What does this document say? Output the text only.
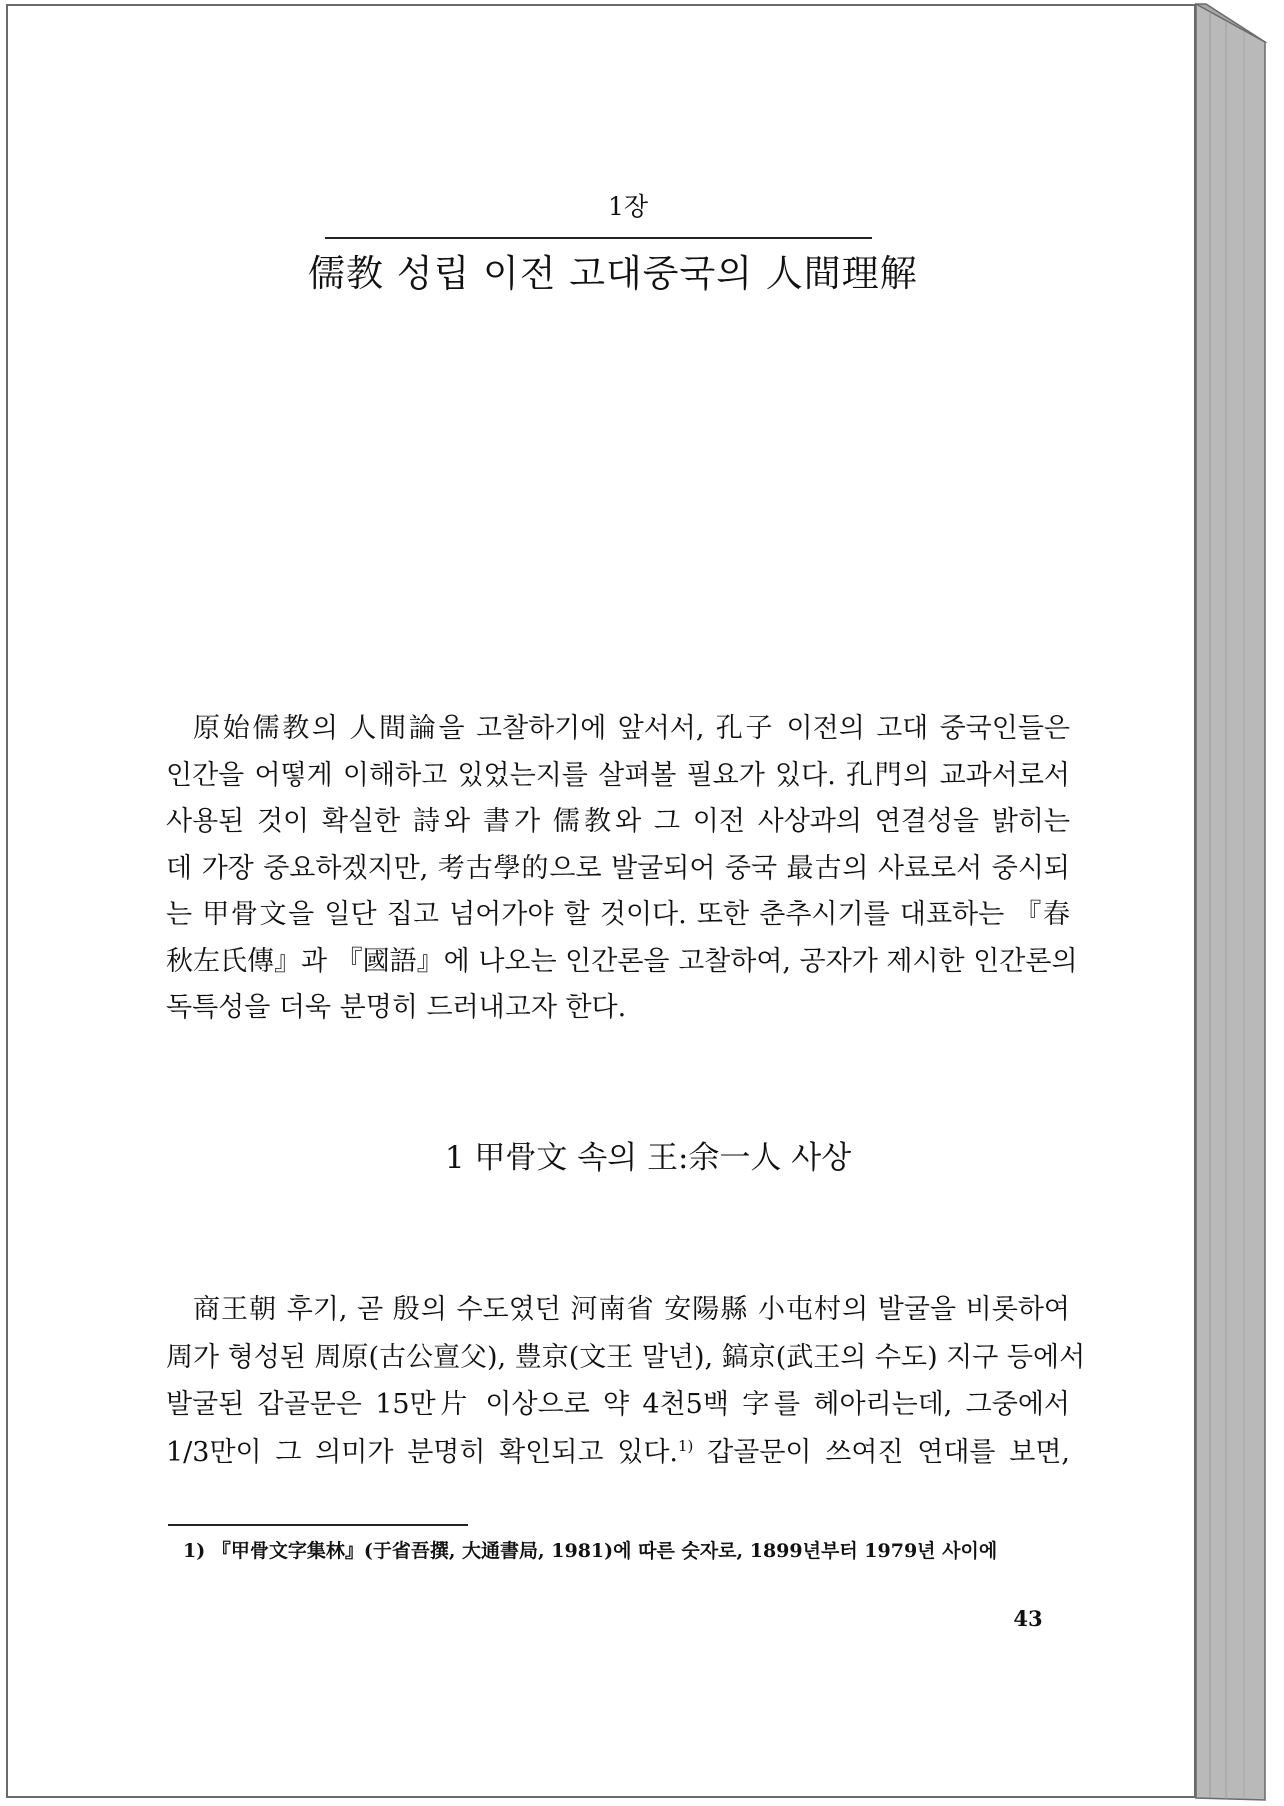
1장
儒教 성립 이전 고대중국의 人間理解
原始儒教의 人間論을 고찰하기에 앞서서, 孔子 이전의 고대 중국인들은
인간을 어떻게 이해하고 있었는지를 살펴볼 필요가 있다. 孔門의 교과서로서
사용된 것이 확실한 詩와 書가 儒教와 그 이전 사상과의 연결성을 밝히는
데 가장 중요하겠지만, 考古學的으로 발굴되어 중국 最古의 사료로서 중시되
는 甲骨文을 일단 집고 넘어가야 할 것이다. 또한 춘추시기를 대표하는 『春
秋左氏傳』과 『國語』에 나오는 인간론을 고찰하여, 공자가 제시한 인간론의
독특성을 더욱 분명히 드러내고자 한다.
1 甲骨文 속의 王:余一人 사상
商王朝 후기, 곧 殷의 수도였던 河南省 安陽縣 小屯村의 발굴을 비롯하여
周가 형성된 周原(古公亶父), 豊京(文王 말년), 鎬京(武王의 수도) 지구 등에서
발굴된 갑골문은 15만片 이상으로 약 4천5백 字를 헤아리는데, 그중에서
1/3만이 그 의미가 분명히 확인되고 있다.$^{1)}$ 갑골문이 쓰여진 연대를 보면,
1) 『甲骨文字集林』(于省吾撰, 大通書局, 1981)에 따른 숫자로, 1899년부터 1979년 사이에
43
